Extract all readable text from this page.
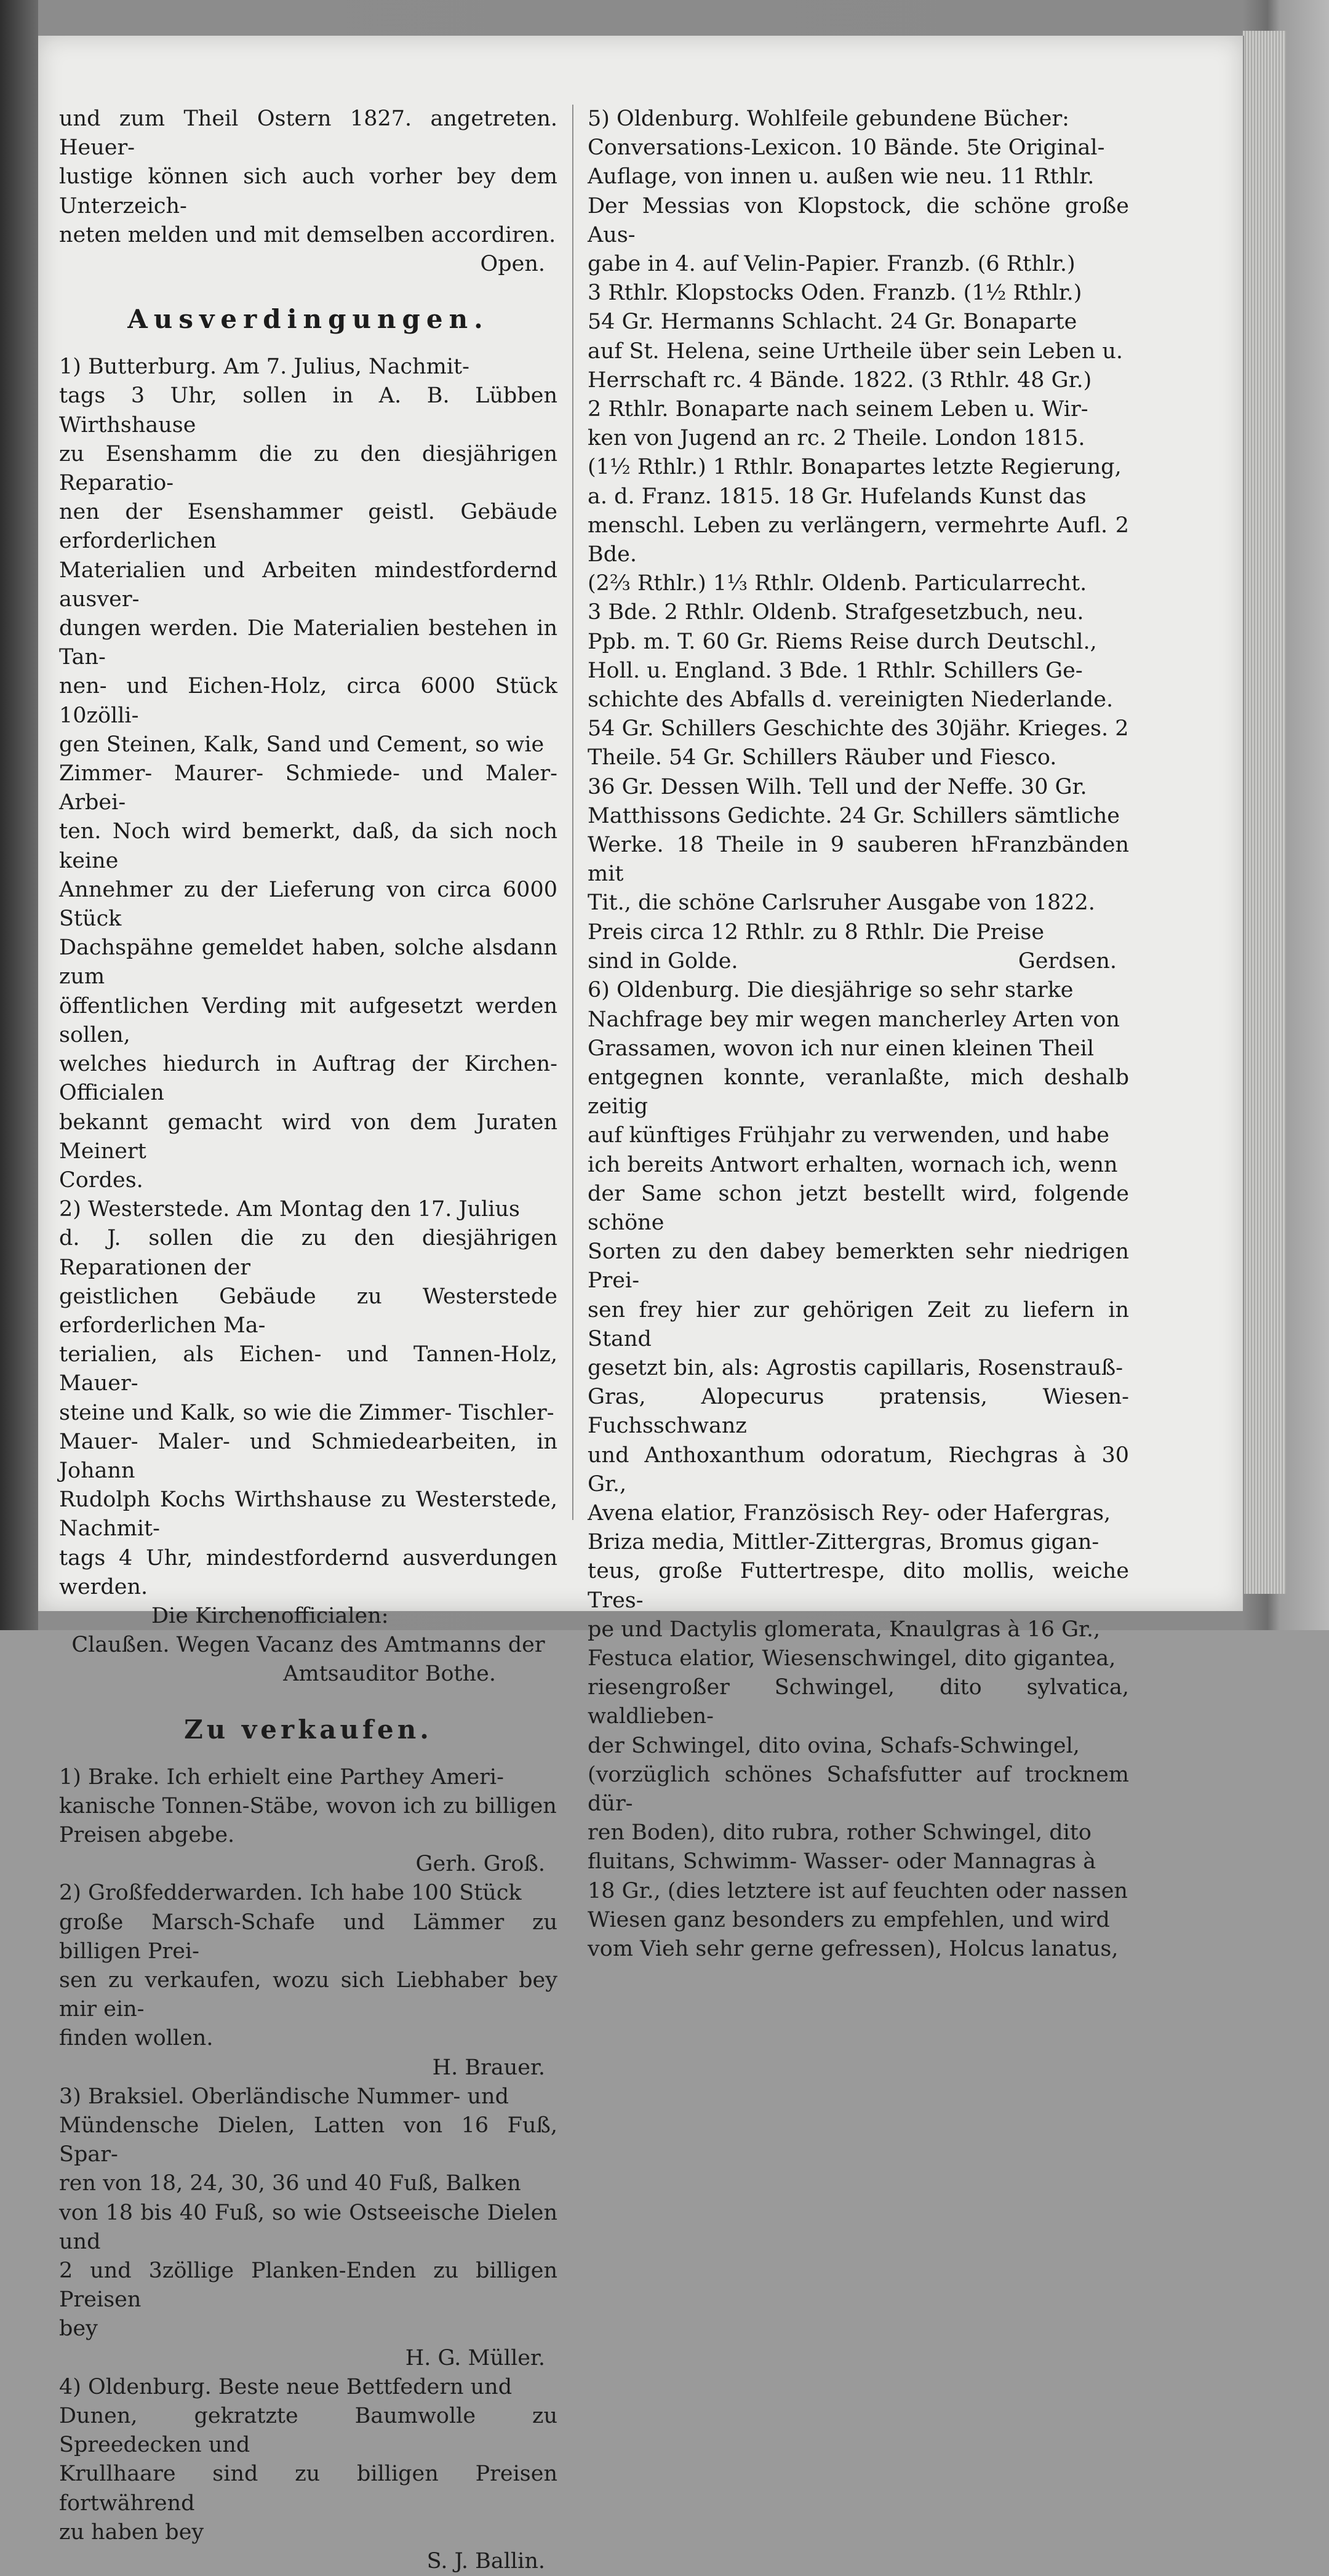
und zum Theil Ostern 1827. angetreten. Heuer-

lustige können sich auch vorher bey dem Unterzeich-

neten melden und mit demselben accordiren.

Open.

Ausverdingungen.

1) Butterburg. Am 7. Julius, Nachmit-

tags 3 Uhr, sollen in A. B. Lübben Wirthshause

zu Esenshamm die zu den diesjährigen Reparatio-

nen der Esenshammer geistl. Gebäude erforderlichen

Materialien und Arbeiten mindestfordernd ausver-

dungen werden. Die Materialien bestehen in Tan-

nen- und Eichen-Holz, circa 6000 Stück 10zölli-

gen Steinen, Kalk, Sand und Cement, so wie

Zimmer- Maurer- Schmiede- und Maler-Arbei-

ten. Noch wird bemerkt, daß, da sich noch keine

Annehmer zu der Lieferung von circa 6000 Stück

Dachspähne gemeldet haben, solche alsdann zum

öffentlichen Verding mit aufgesetzt werden sollen,

welches hiedurch in Auftrag der Kirchen-Officialen

bekannt gemacht wird von dem Juraten Meinert

Cordes.

2) Westerstede. Am Montag den 17. Julius

d. J. sollen die zu den diesjährigen Reparationen der

geistlichen Gebäude zu Westerstede erforderlichen Ma-

terialien, als Eichen- und Tannen-Holz, Mauer-

steine und Kalk, so wie die Zimmer- Tischler-

Mauer- Maler- und Schmiedearbeiten, in Johann

Rudolph Kochs Wirthshause zu Westerstede, Nachmit-

tags 4 Uhr, mindestfordernd ausverdungen werden.

Die Kirchenofficialen:

Claußen. Wegen Vacanz des Amtmanns der

Amtsauditor Bothe.

Zu verkaufen.

1) Brake. Ich erhielt eine Parthey Ameri-

kanische Tonnen-Stäbe, wovon ich zu billigen

Preisen abgebe.

Gerh. Groß.

2) Großfedderwarden. Ich habe 100 Stück

große Marsch-Schafe und Lämmer zu billigen Prei-

sen zu verkaufen, wozu sich Liebhaber bey mir ein-

finden wollen.

H. Brauer.

3) Braksiel. Oberländische Nummer- und

Mündensche Dielen, Latten von 16 Fuß, Spar-

ren von 18, 24, 30, 36 und 40 Fuß, Balken

von 18 bis 40 Fuß, so wie Ostseeische Dielen und

2 und 3zöllige Planken-Enden zu billigen Preisen

bey

H. G. Müller.

4) Oldenburg. Beste neue Bettfedern und

Dunen, gekratzte Baumwolle zu Spreedecken und

Krullhaare sind zu billigen Preisen fortwährend

zu haben bey

S. J. Ballin.

5) Oldenburg. Wohlfeile gebundene Bücher:

Conversations-Lexicon. 10 Bände. 5te Original-

Auflage, von innen u. außen wie neu. 11 Rthlr.

Der Messias von Klopstock, die schöne große Aus-

gabe in 4. auf Velin-Papier. Franzb. (6 Rthlr.)

3 Rthlr. Klopstocks Oden. Franzb. (1½ Rthlr.)

54 Gr. Hermanns Schlacht. 24 Gr. Bonaparte

auf St. Helena, seine Urtheile über sein Leben u.

Herrschaft rc. 4 Bände. 1822. (3 Rthlr. 48 Gr.)

2 Rthlr. Bonaparte nach seinem Leben u. Wir-

ken von Jugend an rc. 2 Theile. London 1815.

(1½ Rthlr.) 1 Rthlr. Bonapartes letzte Regierung,

a. d. Franz. 1815. 18 Gr. Hufelands Kunst das

menschl. Leben zu verlängern, vermehrte Aufl. 2 Bde.

(2⅔ Rthlr.) 1⅓ Rthlr. Oldenb. Particularrecht.

3 Bde. 2 Rthlr. Oldenb. Strafgesetzbuch, neu.

Ppb. m. T. 60 Gr. Riems Reise durch Deutschl.,

Holl. u. England. 3 Bde. 1 Rthlr. Schillers Ge-

schichte des Abfalls d. vereinigten Niederlande.

54 Gr. Schillers Geschichte des 30jähr. Krieges. 2

Theile. 54 Gr. Schillers Räuber und Fiesco.

36 Gr. Dessen Wilh. Tell und der Neffe. 30 Gr.

Matthissons Gedichte. 24 Gr. Schillers sämtliche

Werke. 18 Theile in 9 sauberen hFranzbänden mit

Tit., die schöne Carlsruher Ausgabe von 1822.

Preis circa 12 Rthlr. zu 8 Rthlr. Die Preise

sind in Golde.	Gerdsen.

6) Oldenburg. Die diesjährige so sehr starke

Nachfrage bey mir wegen mancherley Arten von

Grassamen, wovon ich nur einen kleinen Theil

entgegnen konnte, veranlaßte, mich deshalb zeitig

auf künftiges Frühjahr zu verwenden, und habe

ich bereits Antwort erhalten, wornach ich, wenn

der Same schon jetzt bestellt wird, folgende schöne

Sorten zu den dabey bemerkten sehr niedrigen Prei-

sen frey hier zur gehörigen Zeit zu liefern in Stand

gesetzt bin, als: Agrostis capillaris, Rosenstrauß-

Gras, Alopecurus pratensis, Wiesen-Fuchsschwanz

und Anthoxanthum odoratum, Riechgras à 30 Gr.,

Avena elatior, Französisch Rey- oder Hafergras,

Briza media, Mittler-Zittergras, Bromus gigan-

teus, große Futtertrespe, dito mollis, weiche Tres-

pe und Dactylis glomerata, Knaulgras à 16 Gr.,

Festuca elatior, Wiesenschwingel, dito gigantea,

riesengroßer Schwingel, dito sylvatica, waldlieben-

der Schwingel, dito ovina, Schafs-Schwingel,

(vorzüglich schönes Schafsfutter auf trocknem dür-

ren Boden), dito rubra, rother Schwingel, dito

fluitans, Schwimm- Wasser- oder Mannagras à

18 Gr., (dies letztere ist auf feuchten oder nassen

Wiesen ganz besonders zu empfehlen, und wird

vom Vieh sehr gerne gefressen), Holcus lanatus,
